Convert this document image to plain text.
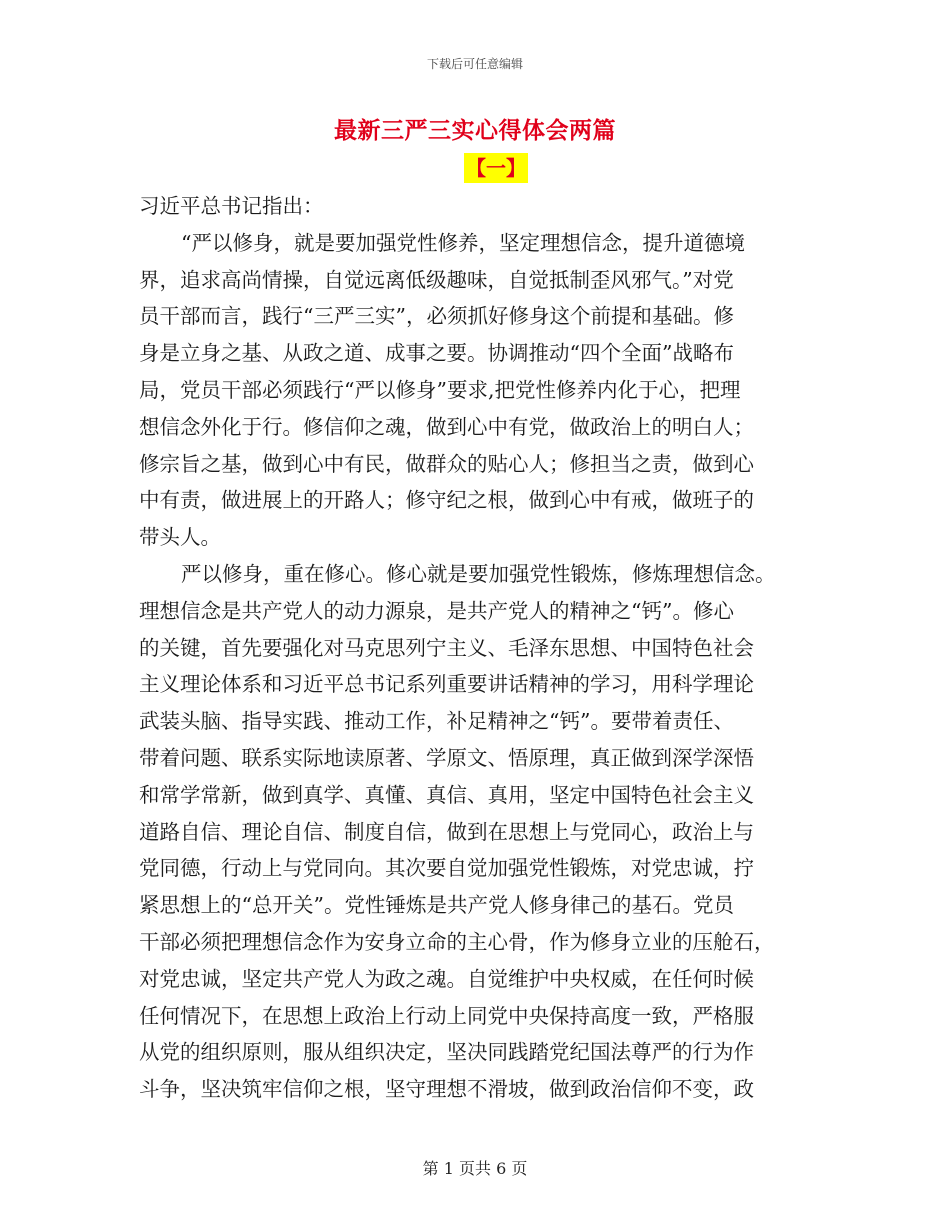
下载后可任意编辑
最新三严三实心得体会两篇
【一】
习近平总书记指出：
“严以修身，就是要加强党性修养，坚定理想信念，提升道德境
界，追求高尚情操，自觉远离低级趣味，自觉抵制歪风邪气。”对党
员干部而言，践行“三严三实”，必须抓好修身这个前提和基础。修
身是立身之基、从政之道、成事之要。协调推动“四个全面”战略布
局，党员干部必须践行“严以修身”要求,把党性修养内化于心，把理
想信念外化于行。修信仰之魂，做到心中有党，做政治上的明白人；
修宗旨之基，做到心中有民，做群众的贴心人；修担当之责，做到心
中有责，做进展上的开路人；修守纪之根，做到心中有戒，做班子的
带头人。
严以修身，重在修心。修心就是要加强党性锻炼，修炼理想信念。
理想信念是共产党人的动力源泉，是共产党人的精神之“钙”。修心
的关键，首先要强化对马克思列宁主义、毛泽东思想、中国特色社会
主义理论体系和习近平总书记系列重要讲话精神的学习，用科学理论
武装头脑、指导实践、推动工作，补足精神之“钙”。要带着责任、
带着问题、联系实际地读原著、学原文、悟原理，真正做到深学深悟
和常学常新，做到真学、真懂、真信、真用，坚定中国特色社会主义
道路自信、理论自信、制度自信，做到在思想上与党同心，政治上与
党同德，行动上与党同向。其次要自觉加强党性锻炼，对党忠诚，拧
紧思想上的“总开关”。党性锤炼是共产党人修身律己的基石。党员
干部必须把理想信念作为安身立命的主心骨，作为修身立业的压舱石，
对党忠诚，坚定共产党人为政之魂。自觉维护中央权威，在任何时候
任何情况下，在思想上政治上行动上同党中央保持高度一致，严格服
从党的组织原则，服从组织决定，坚决同践踏党纪国法尊严的行为作
斗争，坚决筑牢信仰之根，坚守理想不滑坡，做到政治信仰不变，政
第 1 页共 6 页
